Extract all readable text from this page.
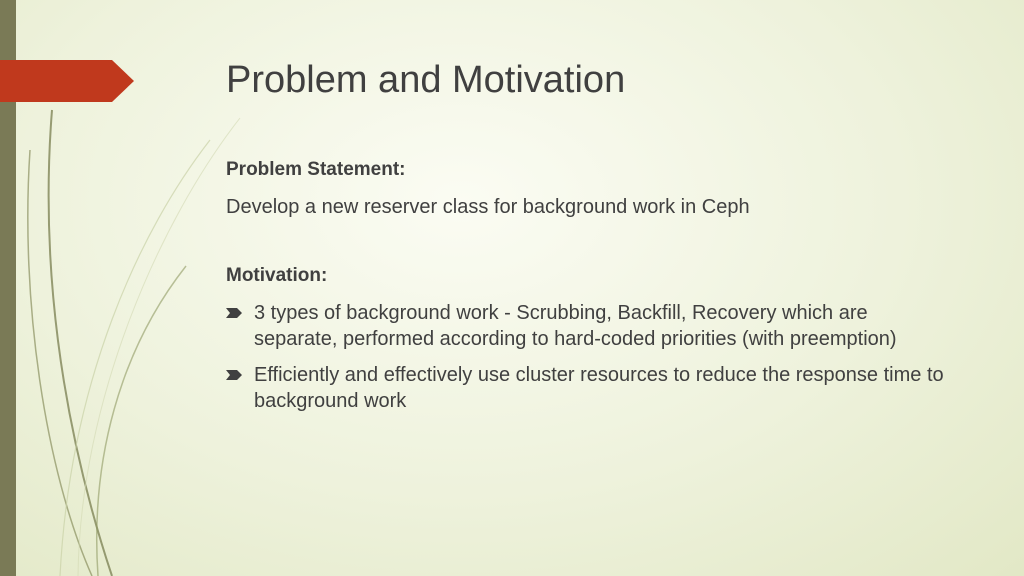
Problem and Motivation

Problem Statement:

Develop a new reserver class for background work in Ceph

Motivation:

3 types of background work - Scrubbing, Backfill, Recovery which are separate, performed according to hard-coded priorities (with preemption)
Efficiently and effectively use cluster resources to reduce the response time to background work
